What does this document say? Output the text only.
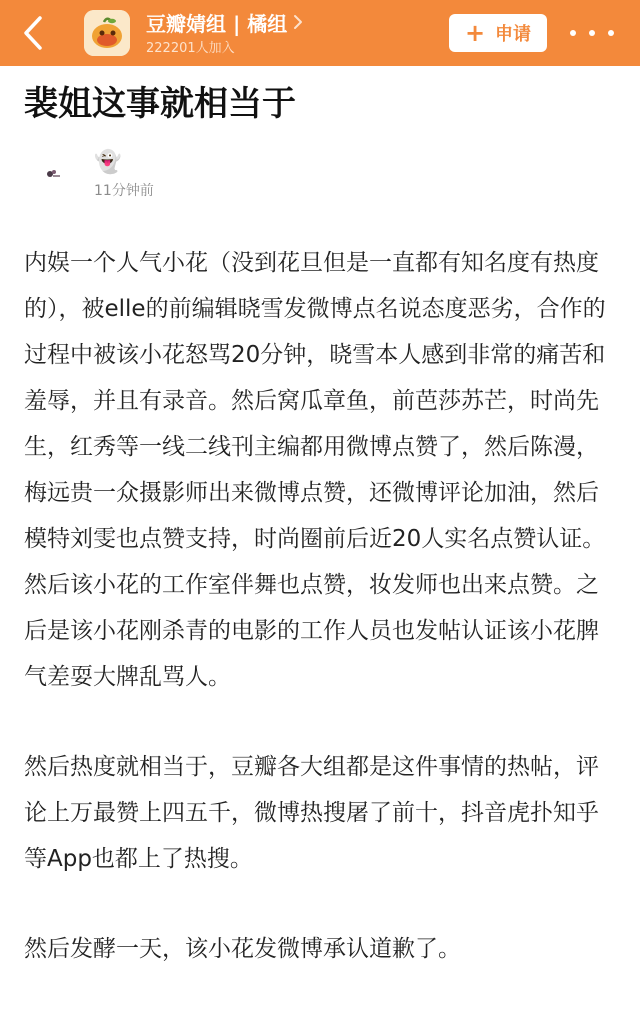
豆瓣婧组 | 橘组
222201人加入
+ 申请
裴姐这事就相当于
👻
11分钟前

内娱一个人气小花（没到花旦但是一直都有知名度有热度的），被elle的前编辑晓雪发微博点名说态度恶劣，合作的过程中被该小花怒骂20分钟，晓雪本人感到非常的痛苦和羞辱，并且有录音。然后窝瓜章鱼，前芭莎苏芒，时尚先生，红秀等一线二线刊主编都用微博点赞了，然后陈漫，梅远贵一众摄影师出来微博点赞，还微博评论加油，然后模特刘雯也点赞支持，时尚圈前后近20人实名点赞认证。然后该小花的工作室伴舞也点赞，妆发师也出来点赞。之后是该小花刚杀青的电影的工作人员也发帖认证该小花脾气差耍大牌乱骂人。

然后热度就相当于，豆瓣各大组都是这件事情的热帖，评论上万最赞上四五千，微博热搜屠了前十，抖音虎扑知乎等App也都上了热搜。

然后发酵一天，该小花发微博承认道歉了。
